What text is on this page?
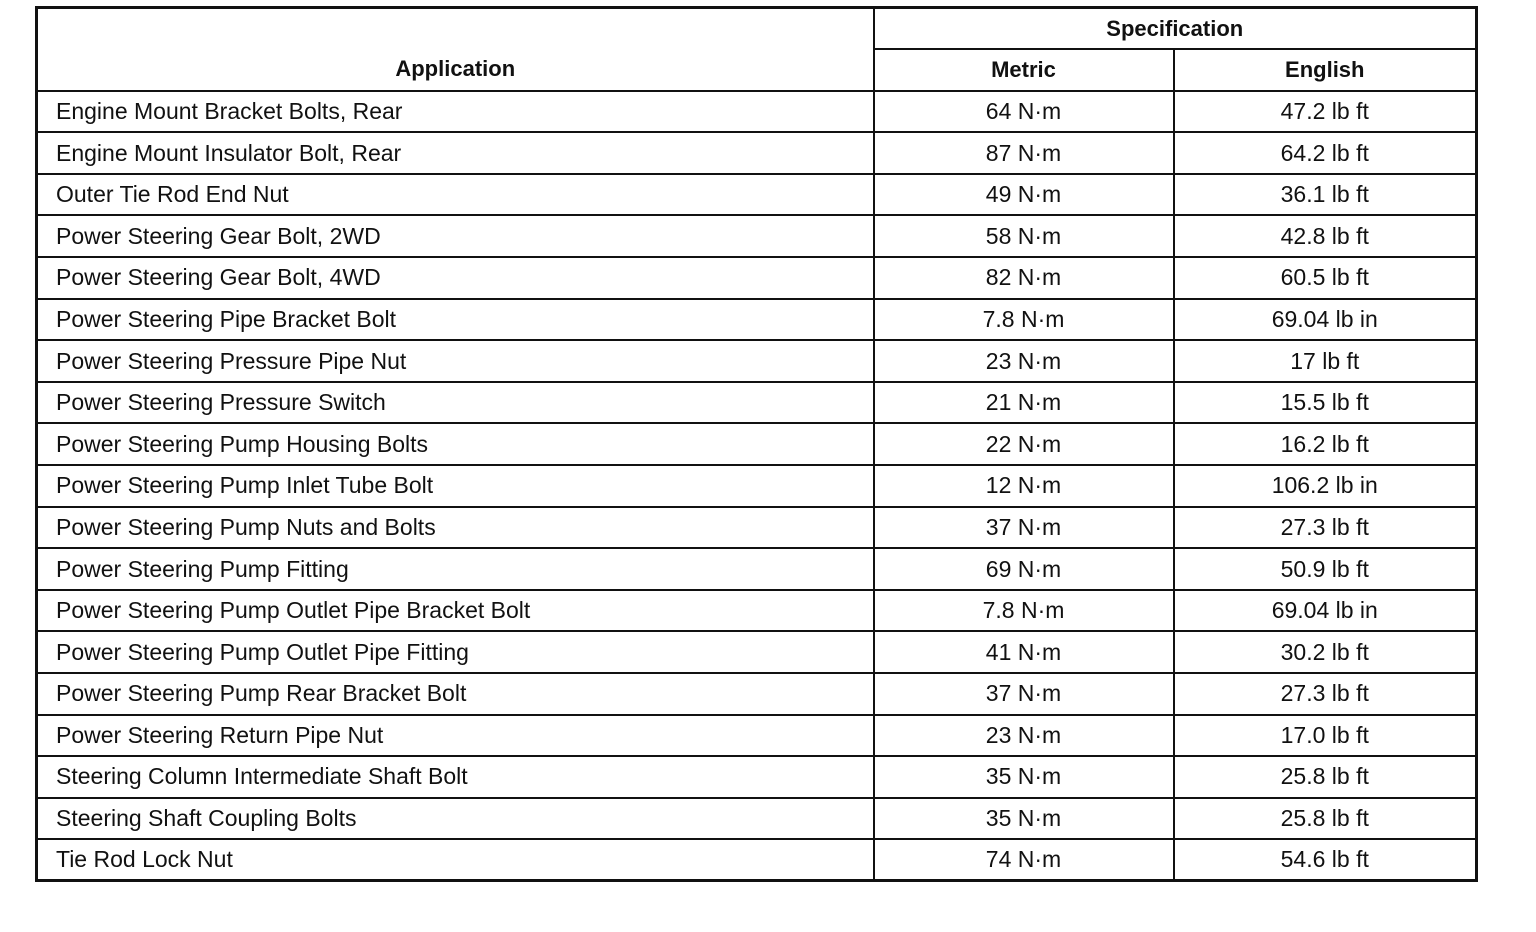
Application	Specification	
	Metric	English
Engine Mount Bracket Bolts, Rear	64 N·m	47.2 lb ft
Engine Mount Insulator Bolt, Rear	87 N·m	64.2 lb ft
Outer Tie Rod End Nut	49 N·m	36.1 lb ft
Power Steering Gear Bolt, 2WD	58 N·m	42.8 lb ft
Power Steering Gear Bolt, 4WD	82 N·m	60.5 lb ft
Power Steering Pipe Bracket Bolt	7.8 N·m	69.04 lb in
Power Steering Pressure Pipe Nut	23 N·m	17 lb ft
Power Steering Pressure Switch	21 N·m	15.5 lb ft
Power Steering Pump Housing Bolts	22 N·m	16.2 lb ft
Power Steering Pump Inlet Tube Bolt	12 N·m	106.2 lb in
Power Steering Pump Nuts and Bolts	37 N·m	27.3 lb ft
Power Steering Pump Fitting	69 N·m	50.9 lb ft
Power Steering Pump Outlet Pipe Bracket Bolt	7.8 N·m	69.04 lb in
Power Steering Pump Outlet Pipe Fitting	41 N·m	30.2 lb ft
Power Steering Pump Rear Bracket Bolt	37 N·m	27.3 lb ft
Power Steering Return Pipe Nut	23 N·m	17.0 lb ft
Steering Column Intermediate Shaft Bolt	35 N·m	25.8 lb ft
Steering Shaft Coupling Bolts	35 N·m	25.8 lb ft
Tie Rod Lock Nut	74 N·m	54.6 lb ft
